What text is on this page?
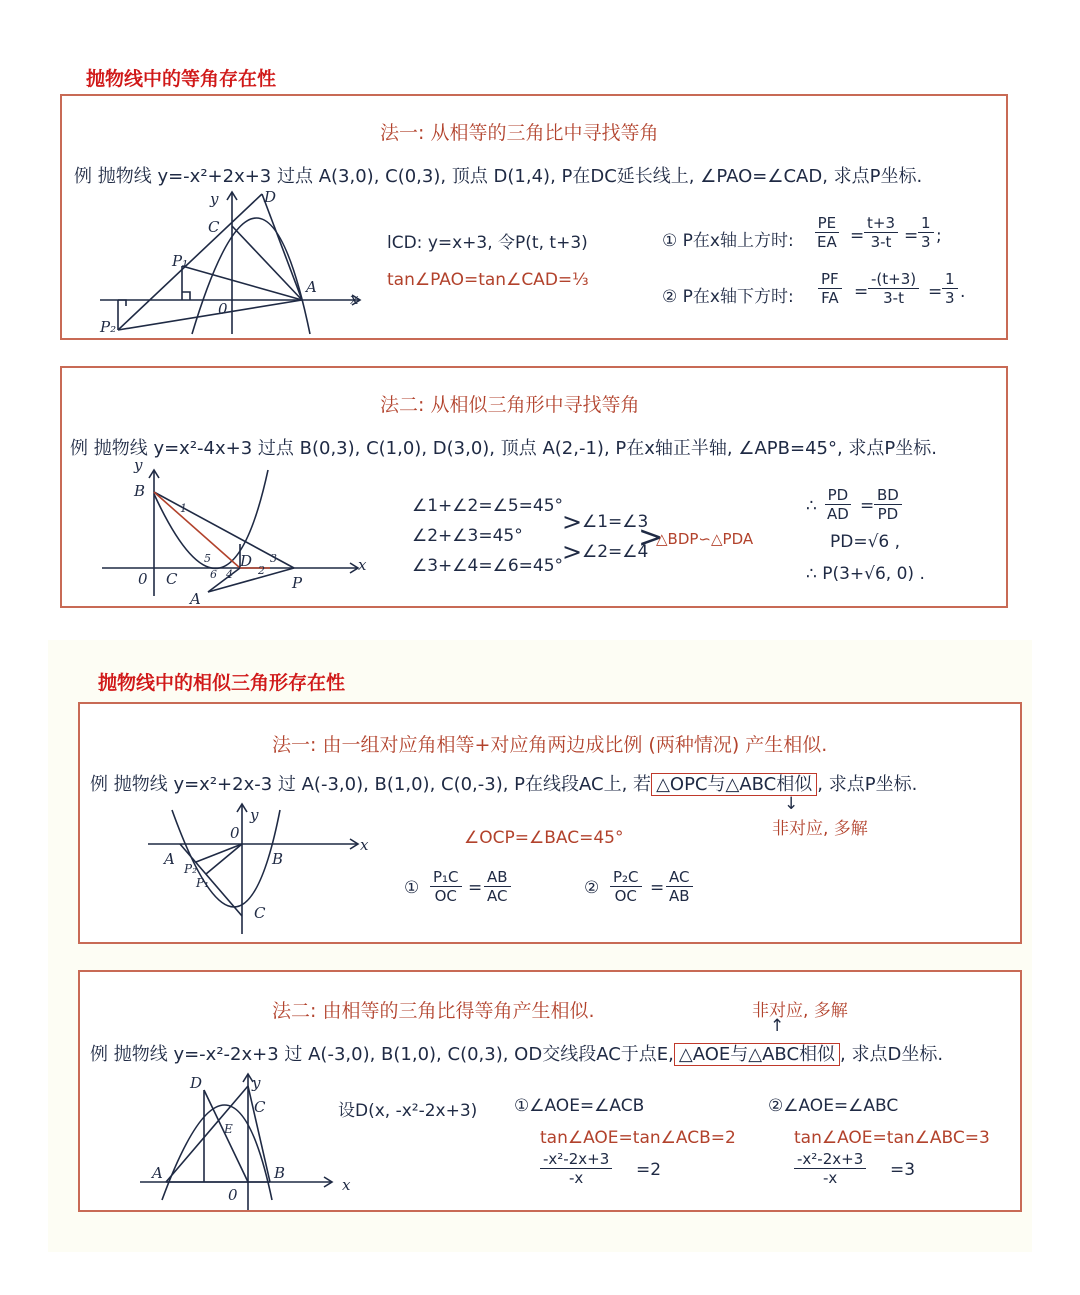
抛物线中的等角存在性
法一: 从相等的三角比中寻找等角
例 抛物线 y=-x²+2x+3 过点 A(3,0), C(0,3), 顶点 D(1,4), P在DC延长线上, ∠PAO=∠CAD, 求点P坐标.
y	D
C
P₁
A
x
0
P₂
lCD: y=x+3, 令P(t, t+3)
tan∠PAO=tan∠CAD=⅓
① P在x轴上方时: $\frac{PE}{EA} = \frac{t+3}{3-t} = \frac{1}{3}$ ;
② P在x轴下方时: $\frac{PF}{FA} = \frac{-(t+3)}{3-t} = \frac{1}{3}$ .
法二: 从相似三角形中寻找等角
例 抛物线 y=x²-4x+3 过点 B(0,3), C(1,0), D(3,0), 顶点 A(2,-1), P在x轴正半轴, ∠APB=45°, 求点P坐标.
y
B
x
0 C
D
P
A
1
2
3
4
5
6
∠1+∠2=∠5=45°
∠2+∠3=45°
∠3+∠4=∠6=45°
>
>
∠1=∠3
∠2=∠4
>
△BDP∽△PDA
∴ $\frac{PD}{AD} = \frac{BD}{PD}$
PD=√6 ,
∴ P(3+√6, 0) .
抛物线中的相似三角形存在性
法一: 由一组对应角相等+对应角两边成比例 (两种情况) 产生相似.
例 抛物线 y=x²+2x-3 过 A(-3,0), B(1,0), C(0,-3), P在线段AC上, 若 △OPC与△ABC相似 , 求点P坐标.
↓
非对应, 多解
y
0
x
A	B
P₂
P₁
C
∠OCP=∠BAC=45°
① $\frac{\text{P₁C}}{OC} = \frac{AB}{AC}$	② $\frac{\text{P₂C}}{OC} = \frac{AC}{AB}$
法二: 由相等的三角比得等角产生相似.	非对应, 多解
↑
例 抛物线 y=-x²-2x+3 过 A(-3,0), B(1,0), C(0,3), OD交线段AC于点E, △AOE与△ABC相似 , 求点D坐标.
D	y
C
E
A	B
0
x
设D(x, -x²-2x+3) ①∠AOE=∠ACB
tan∠AOE=tan∠ACB=2
$\frac{\text{-x²-2x+3}}{-x} =2$
②∠AOE=∠ABC
tan∠AOE=tan∠ABC=3
$\frac{\text{-x²-2x+3}}{-x} =3$
